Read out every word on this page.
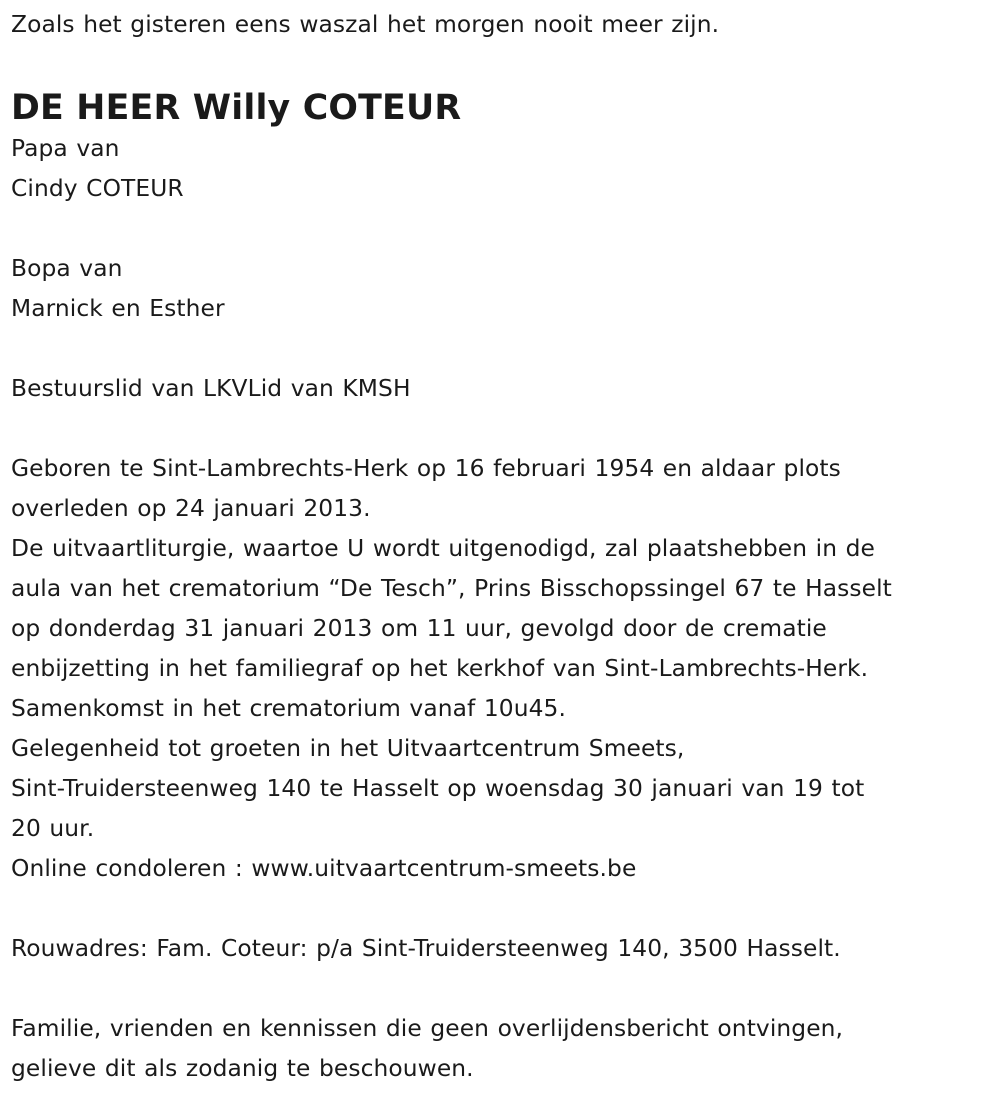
Zoals het gisteren eens waszal het morgen nooit meer zijn.
DE HEER Willy COTEUR
Papa van
Cindy COTEUR
Bopa van
Marnick en Esther
Bestuurslid van LKVLid van KMSH
Geboren te Sint-Lambrechts-Herk op 16 februari 1954 en aldaar plots
overleden op 24 januari 2013.
De uitvaartliturgie, waartoe U wordt uitgenodigd, zal plaatshebben in de
aula van het crematorium “De Tesch”, Prins Bisschopssingel 67 te Hasselt
op donderdag 31 januari 2013 om 11 uur, gevolgd door de crematie
enbijzetting in het familiegraf op het kerkhof van Sint-Lambrechts-Herk.
Samenkomst in het crematorium vanaf 10u45.
Gelegenheid tot groeten in het Uitvaartcentrum Smeets,
Sint-Truidersteenweg 140 te Hasselt op woensdag 30 januari van 19 tot
20 uur.
Online condoleren : www.uitvaartcentrum-smeets.be
Rouwadres: Fam. Coteur: p/a Sint-Truidersteenweg 140, 3500 Hasselt.
Familie, vrienden en kennissen die geen overlijdensbericht ontvingen,
gelieve dit als zodanig te beschouwen.
